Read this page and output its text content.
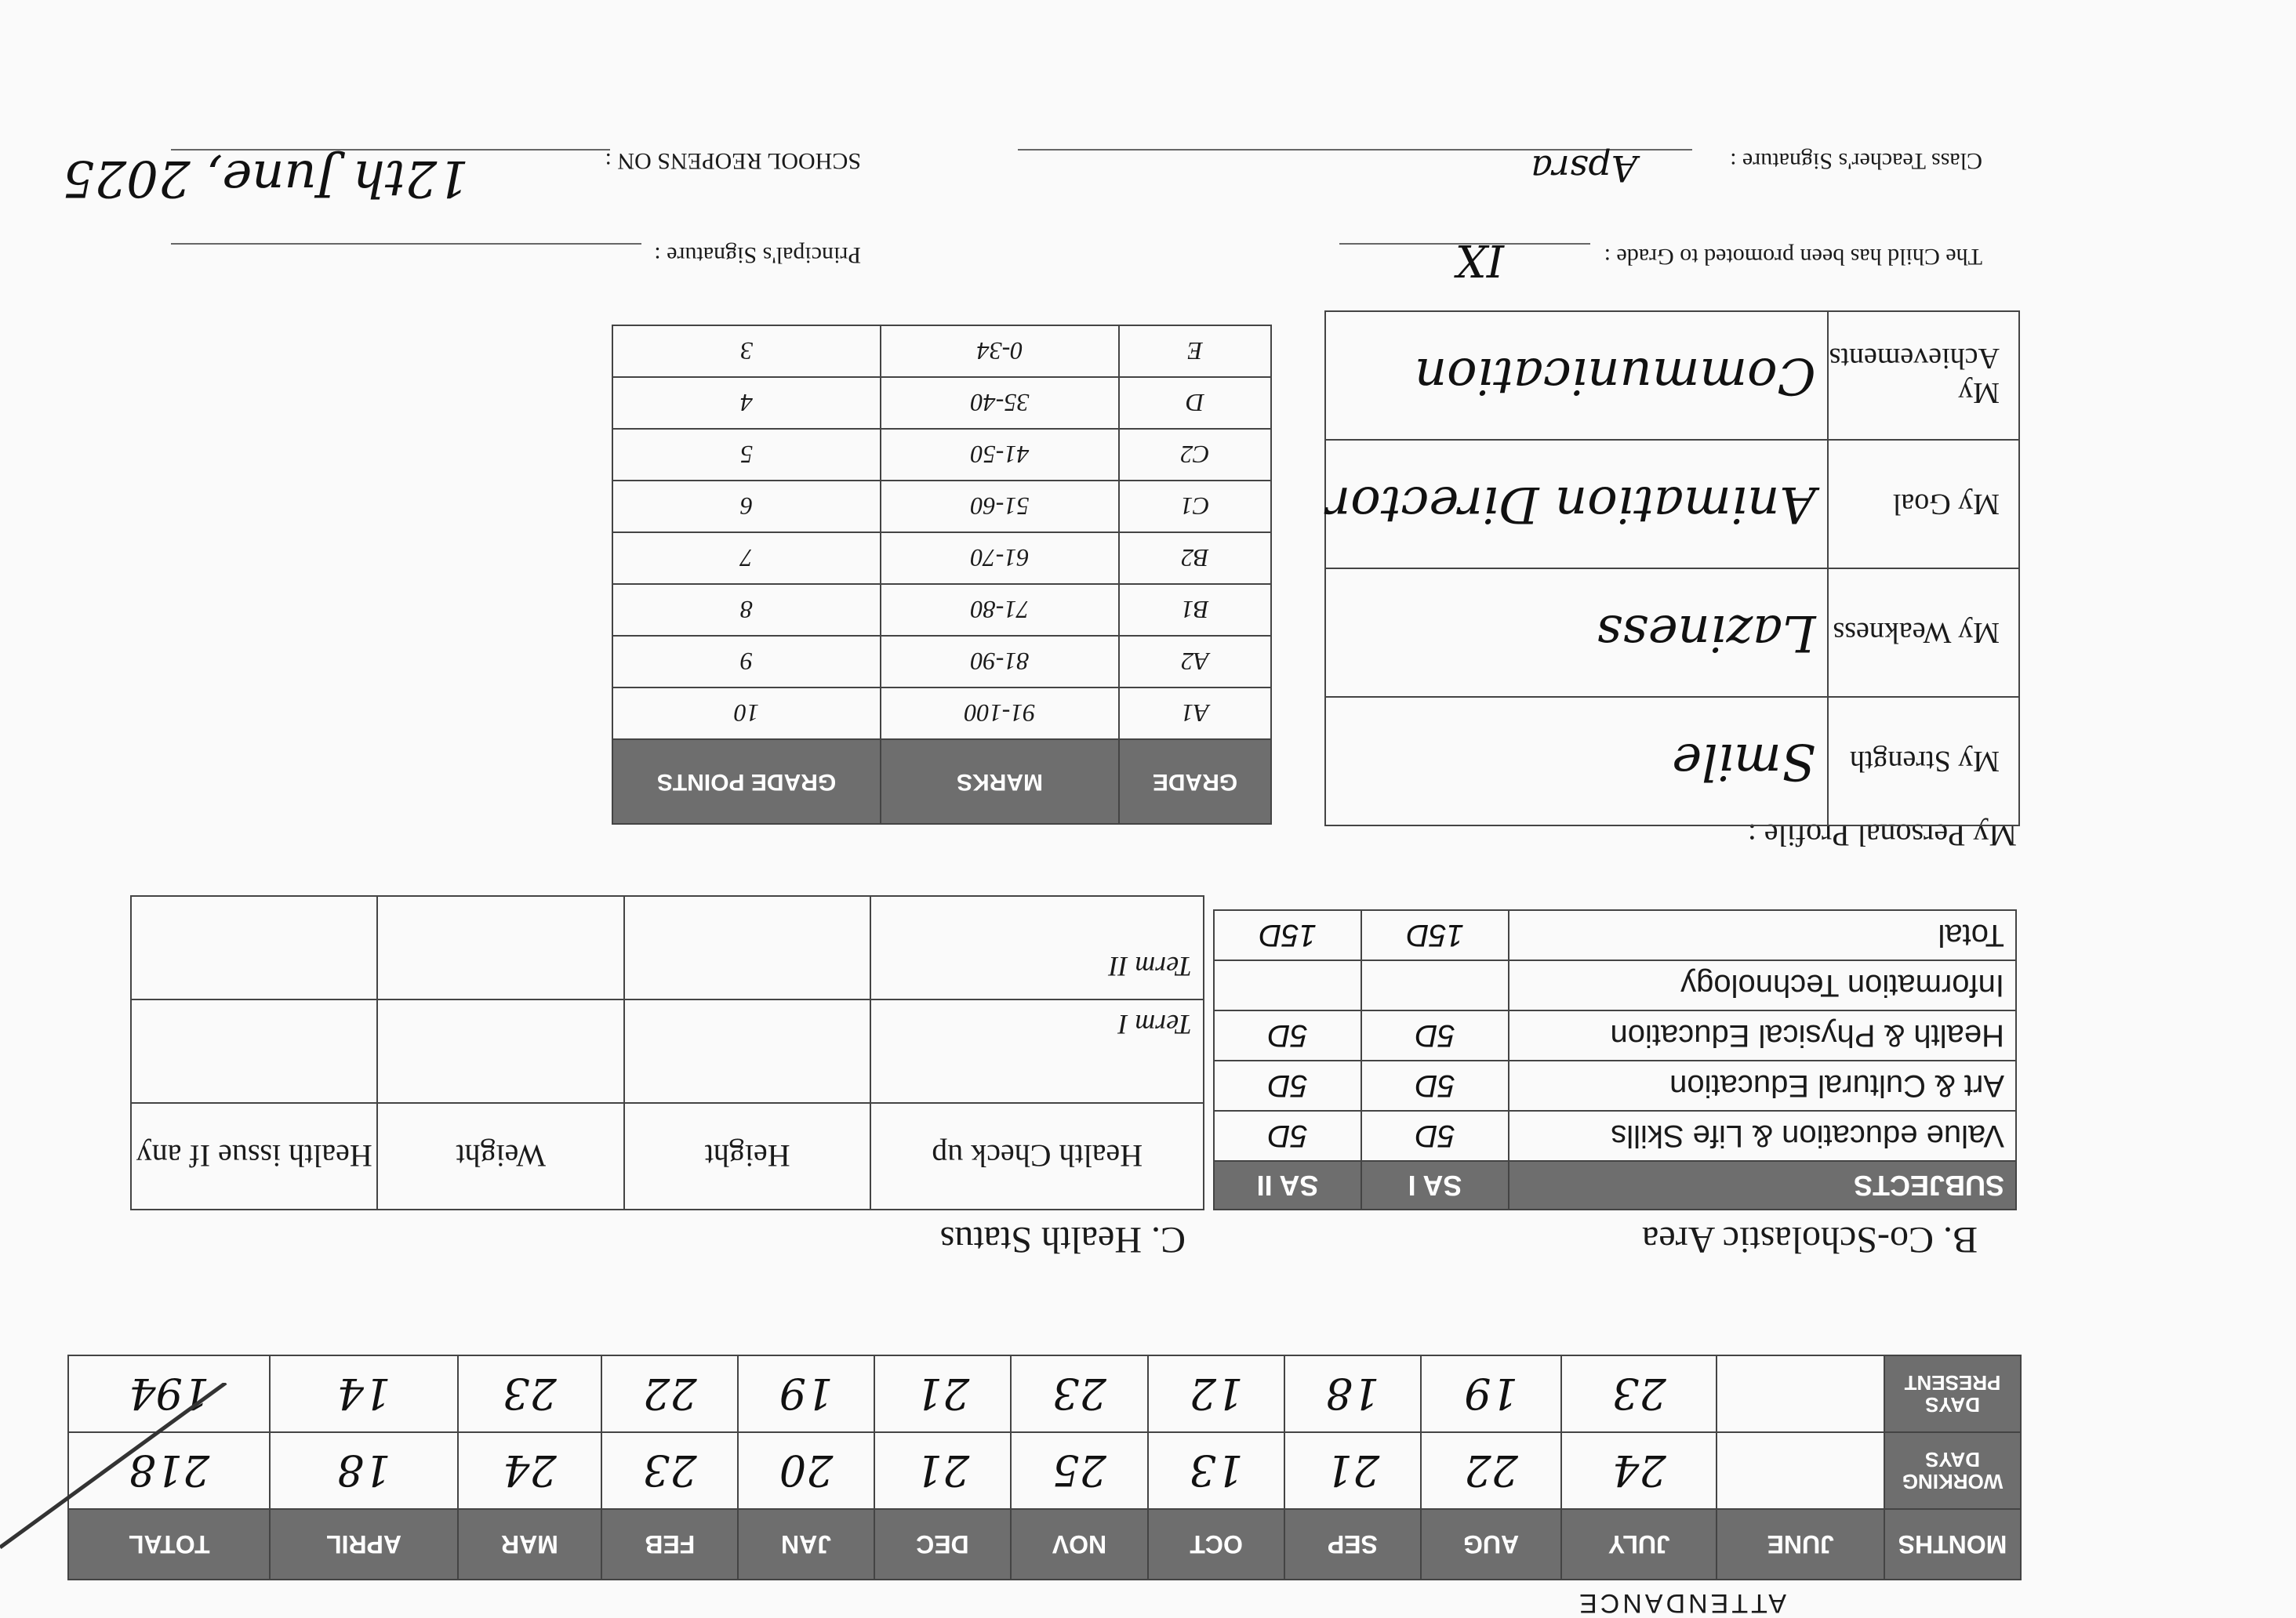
ATTENDANCE
MONTHS	JUNE	JULY	AUG	SEP	OCT	NOV	DEC	JAN	FEB	MAR	APRIL	TOTAL
WORKING DAYS		24	22	21	13	25	21	20	23	24	18	218
DAYS PRESENT		23	19	18	12	23	21	19	22	23	14	194
B. Co-Scholastic Area
C. Health Status
SUBJECTS	SA I	SA II
Value education & Life Skills	5D	5D
Art & Cultural Education	5D	5D
Health & Physical Education	5D	5D
Information Technology		
Total	15D	15D
Health Check up	Height	Weight	Health issue If any
Term I			
Term II			
My Personal Profile :
My Strength	Smile
My Weakness	Laziness
My Goal	Animation Director
My Achievements	Communication
GRADE	MARKS	GRADE POINTS
A1	91-100	10
A2	81-90	9
B1	71-80	8
B2	61-70	7
C1	51-60	6
C2	41-50	5
D	35-40	4
E	0-34	3
The Child has been promoted to Grade :
IX
Principal's Signature :
Class Teacher's Signature :
Apsra
SCHOOL REOPENS ON :
12th June, 2025
